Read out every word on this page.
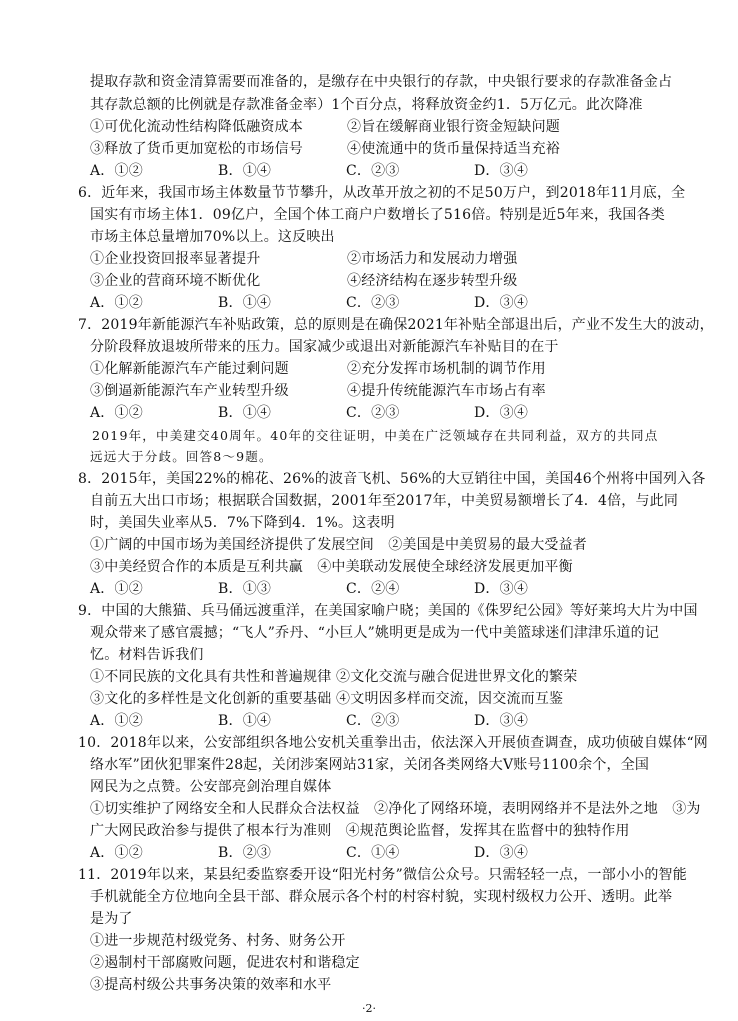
提取存款和资金清算需要而准备的，是缴存在中央银行的存款，中央银行要求的存款准备金占
其存款总额的比例就是存款准备金率）1个百分点，将释放资金约1．5万亿元。此次降准
①可优化流动性结构降低融资成本	②旨在缓解商业银行资金短缺问题
③释放了货币更加宽松的市场信号	④使流通中的货币量保持适当充裕
A．①②	B．①④	C．②③	D．③④
6．近年来，我国市场主体数量节节攀升，从改革开放之初的不足50万户，到2018年11月底，全
国实有市场主体1．09亿户，全国个体工商户户数增长了516倍。特别是近5年来，我国各类
市场主体总量增加70%以上。这反映出
①企业投资回报率显著提升	②市场活力和发展动力增强
③企业的营商环境不断优化	④经济结构在逐步转型升级
A．①②	B．①④	C．②③	D．③④
7．2019年新能源汽车补贴政策，总的原则是在确保2021年补贴全部退出后，产业不发生大的波动，
分阶段释放退坡所带来的压力。国家减少或退出对新能源汽车补贴目的在于
①化解新能源汽车产能过剩问题	②充分发挥市场机制的调节作用
③倒逼新能源汽车产业转型升级	④提升传统能源汽车市场占有率
A．①②	B．①④	C．②③	D．③④
2019年，中美建交40周年。40年的交往证明，中美在广泛领域存在共同利益，双方的共同点
远远大于分歧。回答8～9题。
8．2015年，美国22%的棉花、26%的波音飞机、56%的大豆销往中国，美国46个州将中国列入各
自前五大出口市场；根据联合国数据，2001年至2017年，中美贸易额增长了4．4倍，与此同
时，美国失业率从5．7%下降到4．1%。这表明
①广阔的中国市场为美国经济提供了发展空间　②美国是中美贸易的最大受益者
③中美经贸合作的本质是互利共赢　④中美联动发展使全球经济发展更加平衡
A．①②	B．①③	C．②④	D．③④
9．中国的大熊猫、兵马俑远渡重洋，在美国家喻户晓；美国的《侏罗纪公园》等好莱坞大片为中国
观众带来了感官震撼；“飞人”乔丹、“小巨人”姚明更是成为一代中美篮球迷们津津乐道的记
忆。材料告诉我们
①不同民族的文化具有共性和普遍规律 ②文化交流与融合促进世界文化的繁荣
③文化的多样性是文化创新的重要基础 ④文明因多样而交流，因交流而互鉴
A．①②	B．①④	C．②③	D．③④
10．2018年以来，公安部组织各地公安机关重拳出击，依法深入开展侦查调查，成功侦破自媒体“网
络水军”团伙犯罪案件28起，关闭涉案网站31家，关闭各类网络大V账号1100余个，全国
网民为之点赞。公安部亮剑治理自媒体
①切实维护了网络安全和人民群众合法权益　②净化了网络环境，表明网络并不是法外之地　③为
广大网民政治参与提供了根本行为准则　④规范舆论监督，发挥其在监督中的独特作用
A．①②	B．②③	C．①④	D．③④
11．2019年以来，某县纪委监察委开设“阳光村务”微信公众号。只需轻轻一点，一部小小的智能
手机就能全方位地向全县干部、群众展示各个村的村容村貌，实现村级权力公开、透明。此举
是为了
①进一步规范村级党务、村务、财务公开
②遏制村干部腐败问题，促进农村和谐稳定
③提高村级公共事务决策的效率和水平
·2·
